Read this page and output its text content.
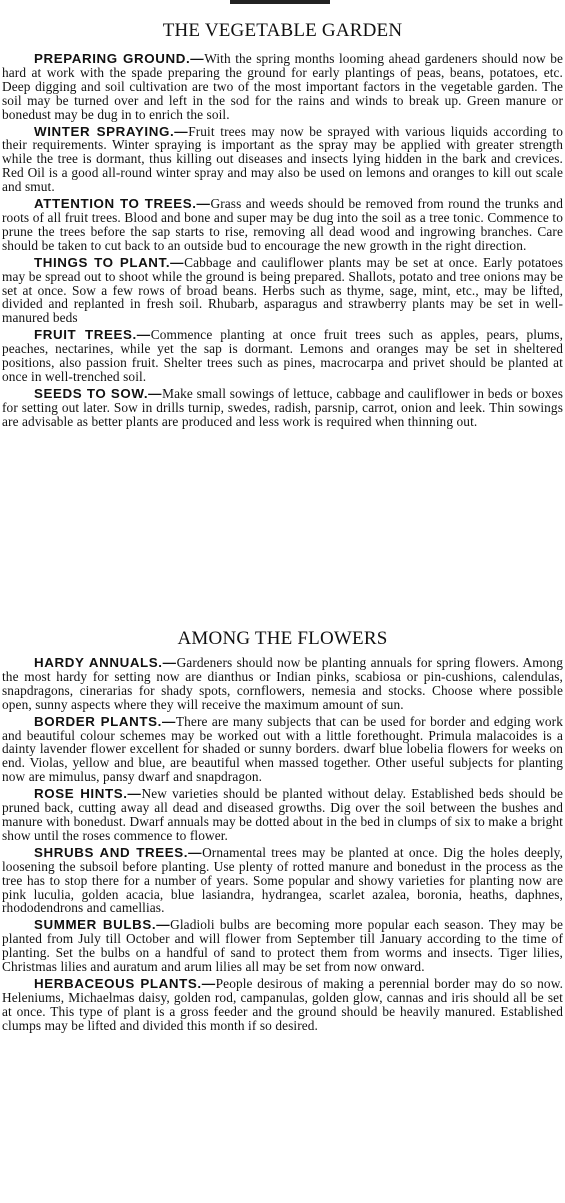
THE VEGETABLE GARDEN

PREPARING GROUND.—With the spring months looming ahead gardeners should now be hard at work with the spade preparing the ground for early plantings of peas, beans, potatoes, etc. Deep digging and soil cultivation are two of the most important factors in the vegetable garden. The soil may be turned over and left in the sod for the rains and winds to break up. Green manure or bonedust may be dug in to enrich the soil.

WINTER SPRAYING.—Fruit trees may now be sprayed with various liquids according to their requirements. Winter spraying is important as the spray may be applied with greater strength while the tree is dormant, thus killing out diseases and insects lying hidden in the bark and crevices. Red Oil is a good all-round winter spray and may also be used on lemons and oranges to kill out scale and smut.

ATTENTION TO TREES.—Grass and weeds should be removed from round the trunks and roots of all fruit trees. Blood and bone and super may be dug into the soil as a tree tonic. Commence to prune the trees before the sap starts to rise, removing all dead wood and ingrowing branches. Care should be taken to cut back to an outside bud to encourage the new growth in the right direction.

THINGS TO PLANT.—Cabbage and cauliflower plants may be set at once. Early potatoes may be spread out to shoot while the ground is being prepared. Shallots, potato and tree onions may be set at once. Sow a few rows of broad beans. Herbs such as thyme, sage, mint, etc., may be lifted, divided and replanted in fresh soil. Rhubarb, asparagus and strawberry plants may be set in well-manured beds

FRUIT TREES.—Commence planting at once fruit trees such as apples, pears, plums, peaches, nectarines, while yet the sap is dormant. Lemons and oranges may be set in sheltered positions, also passion fruit. Shelter trees such as pines, macrocarpa and privet should be planted at once in well-trenched soil.

SEEDS TO SOW.—Make small sowings of lettuce, cabbage and cauliflower in beds or boxes for setting out later. Sow in drills turnip, swedes, radish, parsnip, carrot, onion and leek. Thin sowings are advisable as better plants are produced and less work is required when thinning out.

AMONG THE FLOWERS

HARDY ANNUALS.—Gardeners should now be planting annuals for spring flowers. Among the most hardy for setting now are dianthus or Indian pinks, scabiosa or pin-cushions, calendulas, snapdragons, cinerarias for shady spots, cornflowers, nemesia and stocks. Choose where possible open, sunny aspects where they will receive the maximum amount of sun.

BORDER PLANTS.—There are many subjects that can be used for border and edging work and beautiful colour schemes may be worked out with a little forethought. Primula malacoides is a dainty lavender flower excellent for shaded or sunny borders. dwarf blue lobelia flowers for weeks on end. Violas, yellow and blue, are beautiful when massed together. Other useful subjects for planting now are mimulus, pansy dwarf and snapdragon.

ROSE HINTS.—New varieties should be planted without delay. Established beds should be pruned back, cutting away all dead and diseased growths. Dig over the soil between the bushes and manure with bonedust. Dwarf annuals may be dotted about in the bed in clumps of six to make a bright show until the roses commence to flower.

SHRUBS AND TREES.—Ornamental trees may be planted at once. Dig the holes deeply, loosening the subsoil before planting. Use plenty of rotted manure and bonedust in the process as the tree has to stop there for a number of years. Some popular and showy varieties for planting now are pink luculia, golden acacia, blue lasiandra, hydrangea, scarlet azalea, boronia, heaths, daphnes, rhododendrons and camellias.

SUMMER BULBS.—Gladioli bulbs are becoming more popular each season. They may be planted from July till October and will flower from September till January according to the time of planting. Set the bulbs on a handful of sand to protect them from worms and insects. Tiger lilies, Christmas lilies and auratum and arum lilies all may be set from now onward.

HERBACEOUS PLANTS.—People desirous of making a perennial border may do so now. Heleniums, Michaelmas daisy, golden rod, campanulas, golden glow, cannas and iris should all be set at once. This type of plant is a gross feeder and the ground should be heavily manured. Established clumps may be lifted and divided this month if so desired.
